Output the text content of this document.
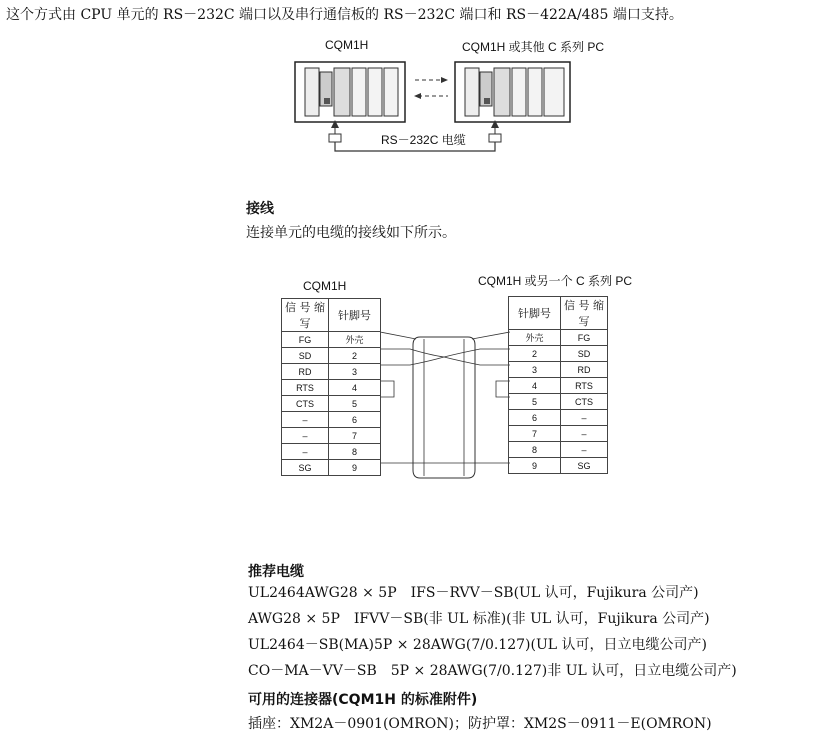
这个方式由 CPU 单元的 RS－232C 端口以及串行通信板的 RS－232C 端口和 RS－422A/485 端口支持。
CQM1H	CQM1H 或其他 C 系列 PC
RS－232C 电缆
接线
连接单元的电缆的接线如下所示。
CQM1H	CQM1H 或另一个 C 系列 PC
信 号 缩写	针脚号
FG	外壳
SD	2
RD	3
RTS	4
CTS	5
–	6
–	7
–	8
SG	9
针脚号	信 号 缩写
外壳	FG
2	SD
3	RD
4	RTS
5	CTS
6	–
7	–
8	–
9	SG
推荐电缆
UL2464AWG28 × 5P　IFS－RVV－SB(UL 认可，Fujikura 公司产)
AWG28 × 5P　IFVV－SB(非 UL 标准)(非 UL 认可，Fujikura 公司产)
UL2464－SB(MA)5P × 28AWG(7/0.127)(UL 认可，日立电缆公司产)
CO－MA－VV－SB　5P × 28AWG(7/0.127)非 UL 认可，日立电缆公司产)
可用的连接器(CQM1H 的标准附件)
插座：XM2A－0901(OMRON)；防护罩：XM2S－0911－E(OMRON)
